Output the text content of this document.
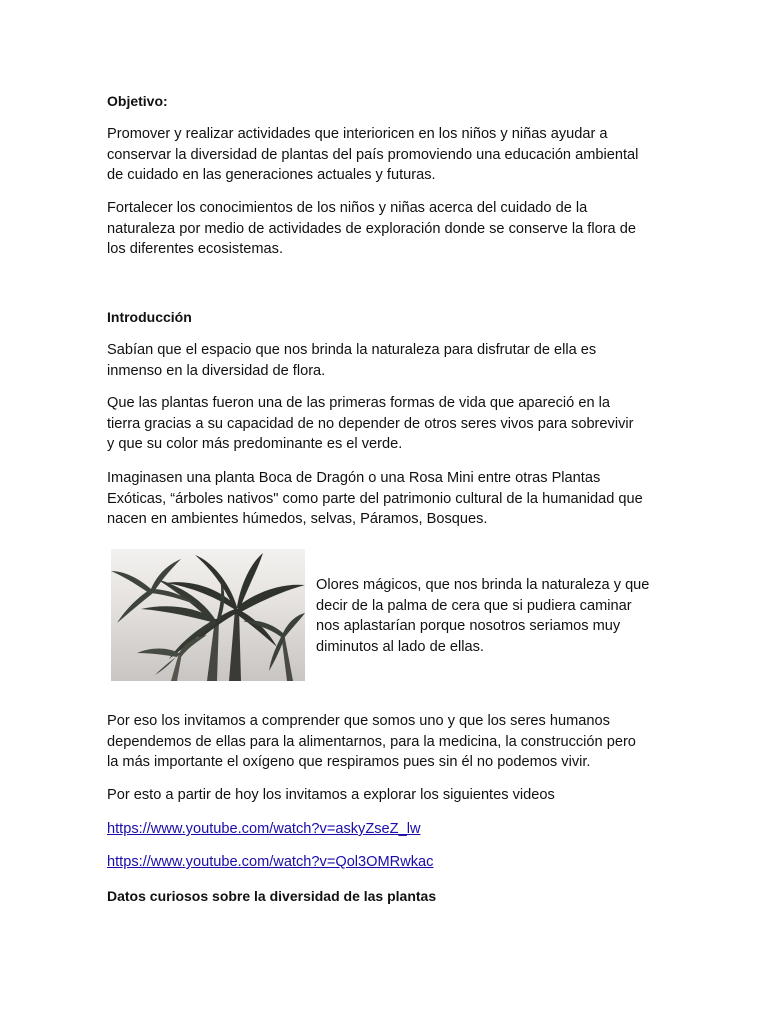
Objetivo:
Promover y realizar actividades que interioricen en los niños y niñas ayudar a
conservar la diversidad de plantas del país promoviendo una educación ambiental
de cuidado en las generaciones actuales y futuras.
Fortalecer los conocimientos de los niños y niñas acerca del cuidado de la
naturaleza por medio de actividades de exploración donde se conserve la flora de
los diferentes ecosistemas.
Introducción
Sabían que el espacio que nos brinda la naturaleza para disfrutar de ella es
inmenso en la diversidad de flora.
Que las plantas fueron una de las primeras formas de vida que apareció en la
tierra gracias a su capacidad de no depender de otros seres vivos para sobrevivir
y que su color más predominante es el verde.
Imaginasen una planta Boca de Dragón o una Rosa Mini entre otras Plantas
Exóticas, “árboles nativos" como parte del patrimonio cultural de la humanidad que
nacen en ambientes húmedos, selvas, Páramos, Bosques.
Olores mágicos, que nos brinda la naturaleza y que
decir de la palma de cera que si pudiera caminar
nos aplastarían porque nosotros seriamos muy
diminutos al lado de ellas.
Por eso los invitamos a comprender que somos uno y que los seres humanos
dependemos de ellas para la alimentarnos, para la medicina, la construcción pero
la más importante el oxígeno que respiramos pues sin él no podemos vivir.
Por esto a partir de hoy los invitamos a explorar los siguientes videos
https://www.youtube.com/watch?v=askyZseZ_lw
https://www.youtube.com/watch?v=Qol3OMRwkac
Datos curiosos sobre la diversidad de las plantas
